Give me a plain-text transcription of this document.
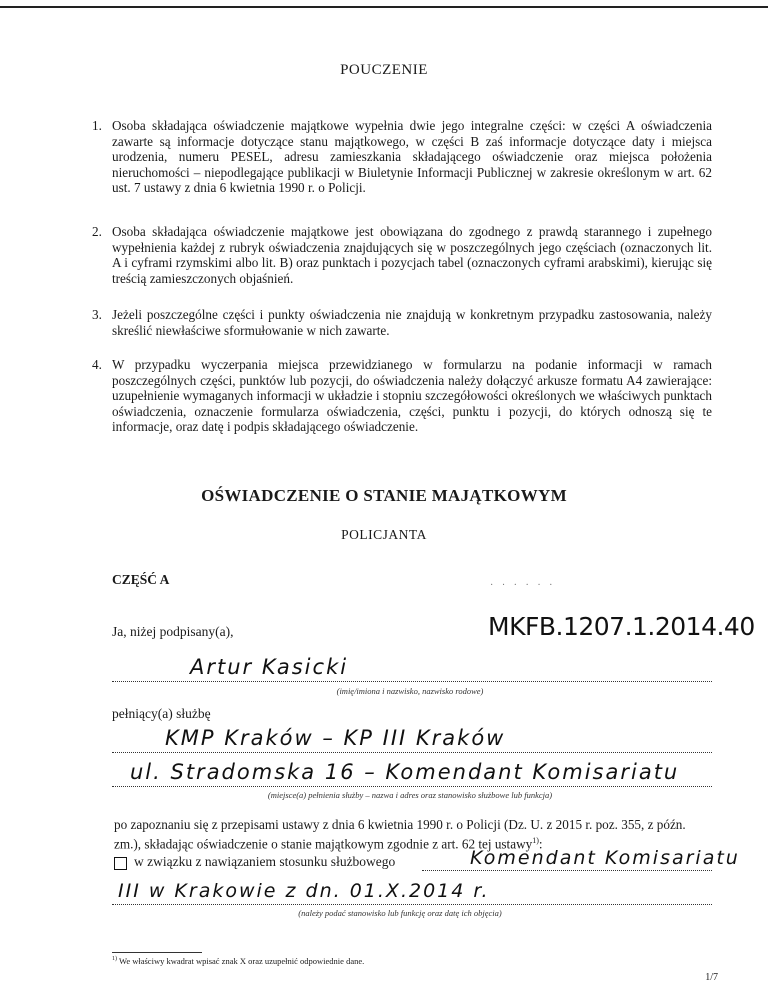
POUCZENIE
1. Osoba składająca oświadczenie majątkowe wypełnia dwie jego integralne części: w części A oświadczenia zawarte są informacje dotyczące stanu majątkowego, w części B zaś informacje dotyczące daty i miejsca urodzenia, numeru PESEL, adresu zamieszkania składającego oświadczenie oraz miejsca położenia nieruchomości – niepodlegające publikacji w Biuletynie Informacji Publicznej w zakresie określonym w art. 62 ust. 7 ustawy z dnia 6 kwietnia 1990 r. o Policji.
2. Osoba składająca oświadczenie majątkowe jest obowiązana do zgodnego z prawdą starannego i zupełnego wypełnienia każdej z rubryk oświadczenia znajdujących się w poszczególnych jego częściach (oznaczonych lit. A i cyframi rzymskimi albo lit. B) oraz punktach i pozycjach tabel (oznaczonych cyframi arabskimi), kierując się treścią zamieszczonych objaśnień.
3. Jeżeli poszczególne części i punkty oświadczenia nie znajdują w konkretnym przypadku zastosowania, należy skreślić niewłaściwe sformułowanie w nich zawarte.
4. W przypadku wyczerpania miejsca przewidzianego w formularzu na podanie informacji w ramach poszczególnych części, punktów lub pozycji, do oświadczenia należy dołączyć arkusze formatu A4 zawierające: uzupełnienie wymaganych informacji w układzie i stopniu szczegółowości określonych we właściwych punktach oświadczenia, oznaczenie formularza oświadczenia, części, punktu i pozycji, do których odnoszą się te informacje, oraz datę i podpis składającego oświadczenie.
OŚWIADCZENIE O STANIE MAJĄTKOWYM
POLICJANTA
CZĘŚĆ A	· · · · · ·
Ja, niżej podpisany(a),	MKFB.1207.1.2014.40
Artur Kasicki
(imię/imiona i nazwisko, nazwisko rodowe)
pełniący(a) służbę
KMP Kraków – KP III Kraków
ul. Stradomska 16 – Komendant Komisariatu
(miejsce(a) pełnienia służby – nazwa i adres oraz stanowisko służbowe lub funkcja)
po zapoznaniu się z przepisami ustawy z dnia 6 kwietnia 1990 r. o Policji (Dz. U. z 2015 r. poz. 355, z późn. zm.), składając oświadczenie o stanie majątkowym zgodnie z art. 62 tej ustawy$^{1)}$:
w związku z nawiązaniem stosunku służbowego	Komendant Komisariatu
III w Krakowie z dn. 01.X.2014 r.
(należy podać stanowisko lub funkcję oraz datę ich objęcia)
$^{1)}$ We właściwy kwadrat wpisać znak X oraz uzupełnić odpowiednie dane.
1/7
